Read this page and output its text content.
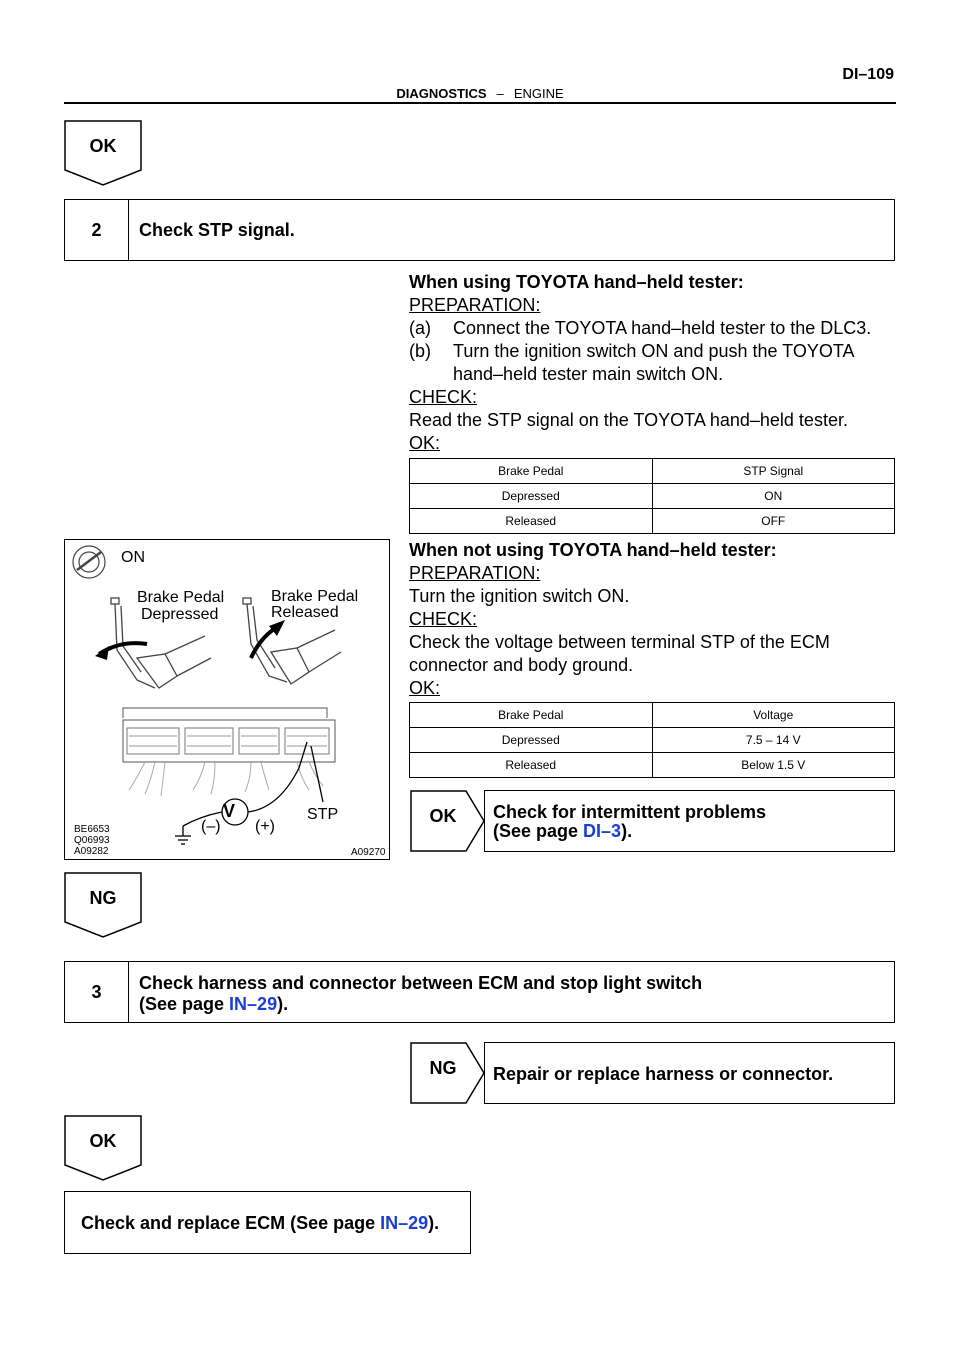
DI–109
DIAGNOSTICS – ENGINE
OK
2	Check STP signal.
When using TOYOTA hand–held tester:
PREPARATION:
(a) Connect the TOYOTA hand–held tester to the DLC3.
(b) Turn the ignition switch ON and push the TOYOTA hand–held tester main switch ON.
CHECK:
Read the STP signal on the TOYOTA hand–held tester.
OK:
Brake Pedal	STP Signal
Depressed	ON
Released	OFF
When not using TOYOTA hand–held tester:
PREPARATION:
Turn the ignition switch ON.
CHECK:
Check the voltage between terminal STP of the ECM connector and body ground.
OK:
Brake Pedal	Voltage
Depressed	7.5 – 14 V
Released	Below 1.5 V
OK	Check for intermittent problems
(See page DI–3).
ON
Brake Pedal
Depressed
Brake Pedal
Released
V
(–) (+)
STP
BE6653
Q06993
A09282	A09270
NG
3	Check harness and connector between ECM and stop light switch
(See page IN–29).
NG	Repair or replace harness or connector.
OK
Check and replace ECM (See page IN–29).
